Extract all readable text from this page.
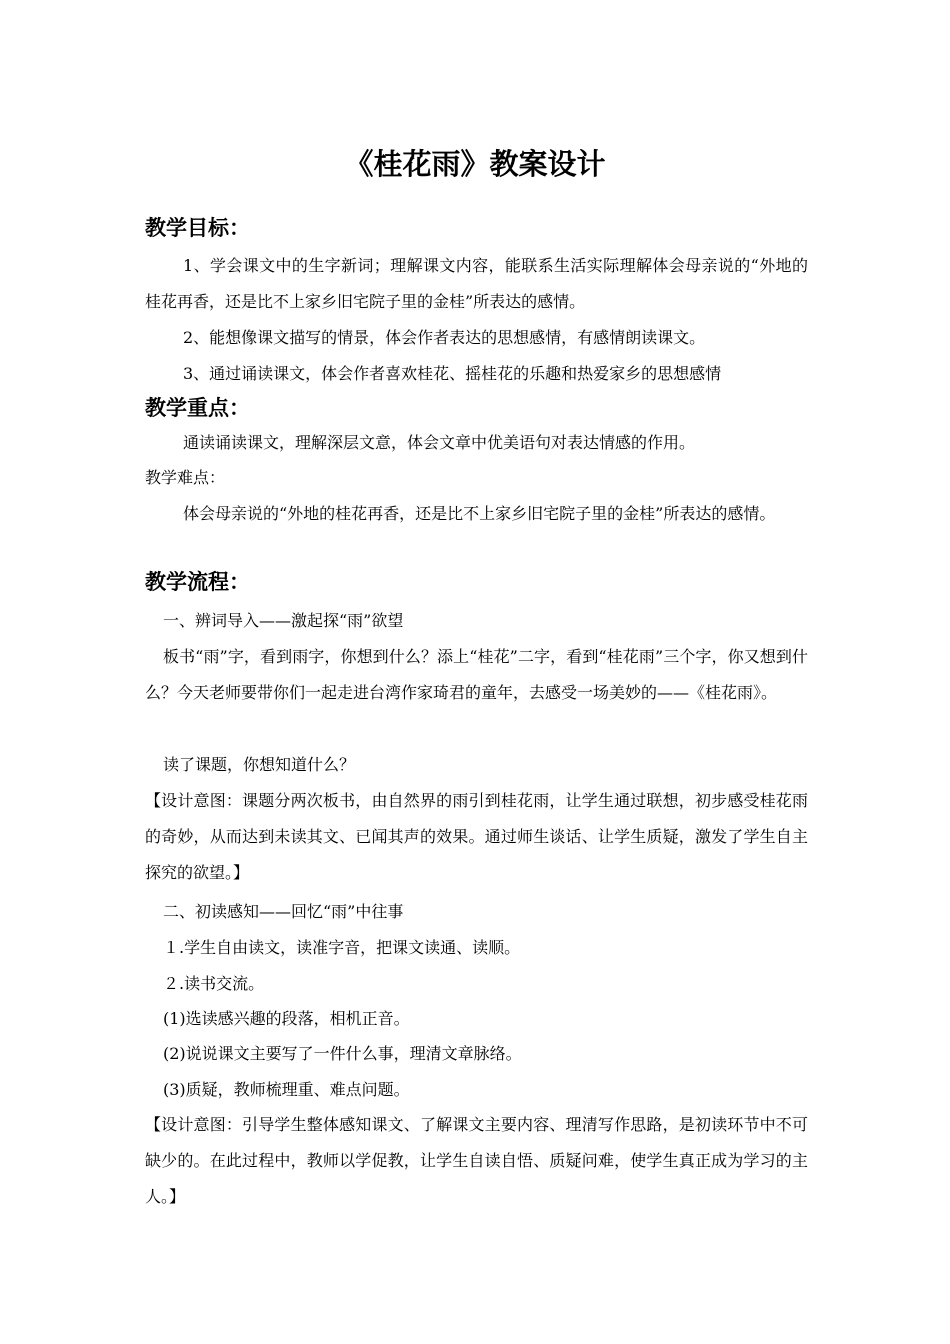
《桂花雨》教案设计
教学目标：

1、学会课文中的生字新词；理解课文内容，能联系生活实际理解体会母亲说的“外地的桂花再香，还是比不上家乡旧宅院子里的金桂”所表达的感情。

2、能想像课文描写的情景，体会作者表达的思想感情，有感情朗读课文。

3、通过诵读课文，体会作者喜欢桂花、摇桂花的乐趣和热爱家乡的思想感情

教学重点：

通读诵读课文，理解深层文意，体会文章中优美语句对表达情感的作用。

教学难点：

体会母亲说的“外地的桂花再香，还是比不上家乡旧宅院子里的金桂”所表达的感情。

教学流程：

一、辨词导入——激起探“雨”欲望

板书“雨”字，看到雨字，你想到什么？添上“桂花”二字，看到“桂花雨”三个字，你又想到什么？今天老师要带你们一起走进台湾作家琦君的童年，去感受一场美妙的——《桂花雨》。

读了课题，你想知道什么？

【设计意图：课题分两次板书，由自然界的雨引到桂花雨，让学生通过联想，初步感受桂花雨的奇妙，从而达到未读其文、已闻其声的效果。通过师生谈话、让学生质疑，激发了学生自主探究的欲望。】

二、初读感知——回忆“雨”中往事

１.学生自由读文，读准字音，把课文读通、读顺。

２.读书交流。

(1)选读感兴趣的段落，相机正音。

(2)说说课文主要写了一件什么事，理清文章脉络。

(3)质疑，教师梳理重、难点问题。

【设计意图：引导学生整体感知课文、了解课文主要内容、理清写作思路，是初读环节中不可缺少的。在此过程中，教师以学促教，让学生自读自悟、质疑问难，使学生真正成为学习的主人。】
